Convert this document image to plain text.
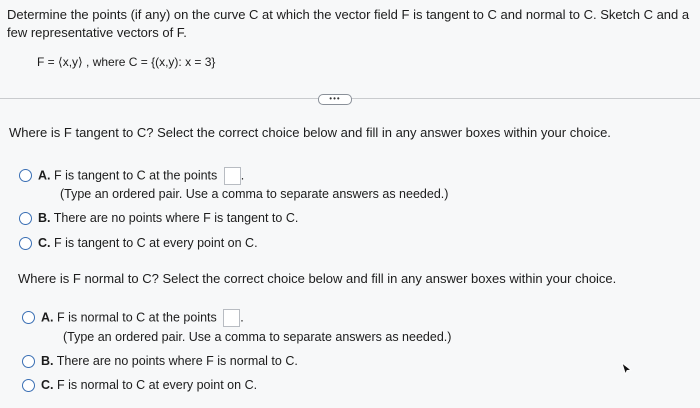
Determine the points (if any) on the curve C at which the vector field F is tangent to C and normal to C. Sketch C and a
few representative vectors of F.
F = ⟨x,y⟩ , where C = {(x,y): x = 3}
•••
Where is F tangent to C? Select the correct choice below and fill in any answer boxes within your choice.
A. F is tangent to C at the points .
(Type an ordered pair. Use a comma to separate answers as needed.)
B. There are no points where F is tangent to C.
C. F is tangent to C at every point on C.
Where is F normal to C? Select the correct choice below and fill in any answer boxes within your choice.
A. F is normal to C at the points .
(Type an ordered pair. Use a comma to separate answers as needed.)
B. There are no points where F is normal to C.
C. F is normal to C at every point on C.
